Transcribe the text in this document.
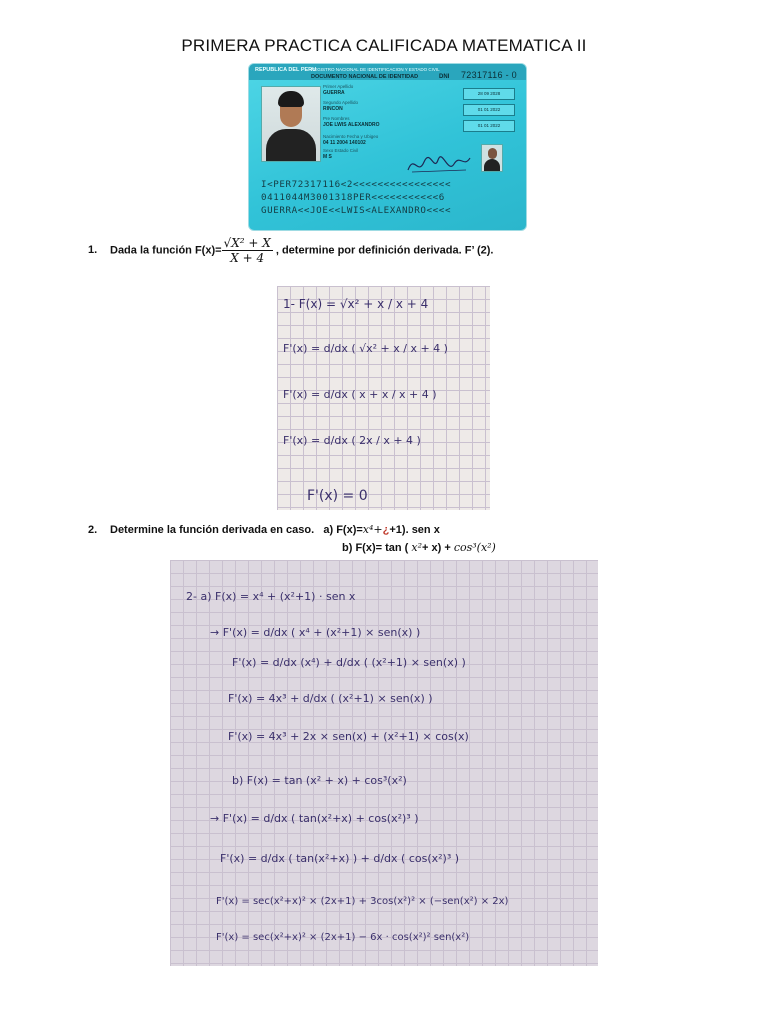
PRIMERA PRACTICA CALIFICADA MATEMATICA II
REPUBLICA DEL PERU
REGISTRO NACIONAL DE IDENTIFICACION Y ESTADO CIVIL
DOCUMENTO NACIONAL DE IDENTIDAD	DNI 72317116 - 0
Primer Apellido
GUERRA
Segundo Apellido
RINCON
Pre Nombres
JOE LWIS ALEXANDRO
Nacimiento Fecha y Ubigeo
04 11 2004 140102
Sexo Estado Civil
M S
28 09 2028
01 01 2022
01 01 2022
I<PER72317116<2<<<<<<<<<<<<<<<<
0411044M3001318PER<<<<<<<<<<<6
GUERRA<<JOE<<LWIS<ALEXANDRO<<<<
1. Dada la función $F(x)= \frac{\text{√X² + X}}{X + 4}$ , determine por definición derivada. F’ (2).
1- F(x) = √x² + x / x + 4
F'(x) = d/dx ( √x² + x / x + 4 )
F'(x) = d/dx ( x + x / x + 4 )
F'(x) = d/dx ( 2x / x + 4 )
F'(x) = 0
2. Determine la función derivada en caso. a) F(x)=x⁴+¿+1). sen x
b) F(x)= tan ( x²+ x) + cos³(x²)
2- a) F(x) = x⁴ + (x²+1) · sen x
→ F'(x) = d/dx ( x⁴ + (x²+1) × sen(x) )
F'(x) = d/dx (x⁴) + d/dx ( (x²+1) × sen(x) )
F'(x) = 4x³ + d/dx ( (x²+1) × sen(x) )
F'(x) = 4x³ + 2x × sen(x) + (x²+1) × cos(x)
b) F(x) = tan (x² + x) + cos³(x²)
→ F'(x) = d/dx ( tan(x²+x) + cos(x²)³ )
F'(x) = d/dx ( tan(x²+x) ) + d/dx ( cos(x²)³ )
F'(x) = sec(x²+x)² × (2x+1) + 3cos(x²)² × (−sen(x²) × 2x)
F'(x) = sec(x²+x)² × (2x+1) − 6x · cos(x²)² sen(x²)
